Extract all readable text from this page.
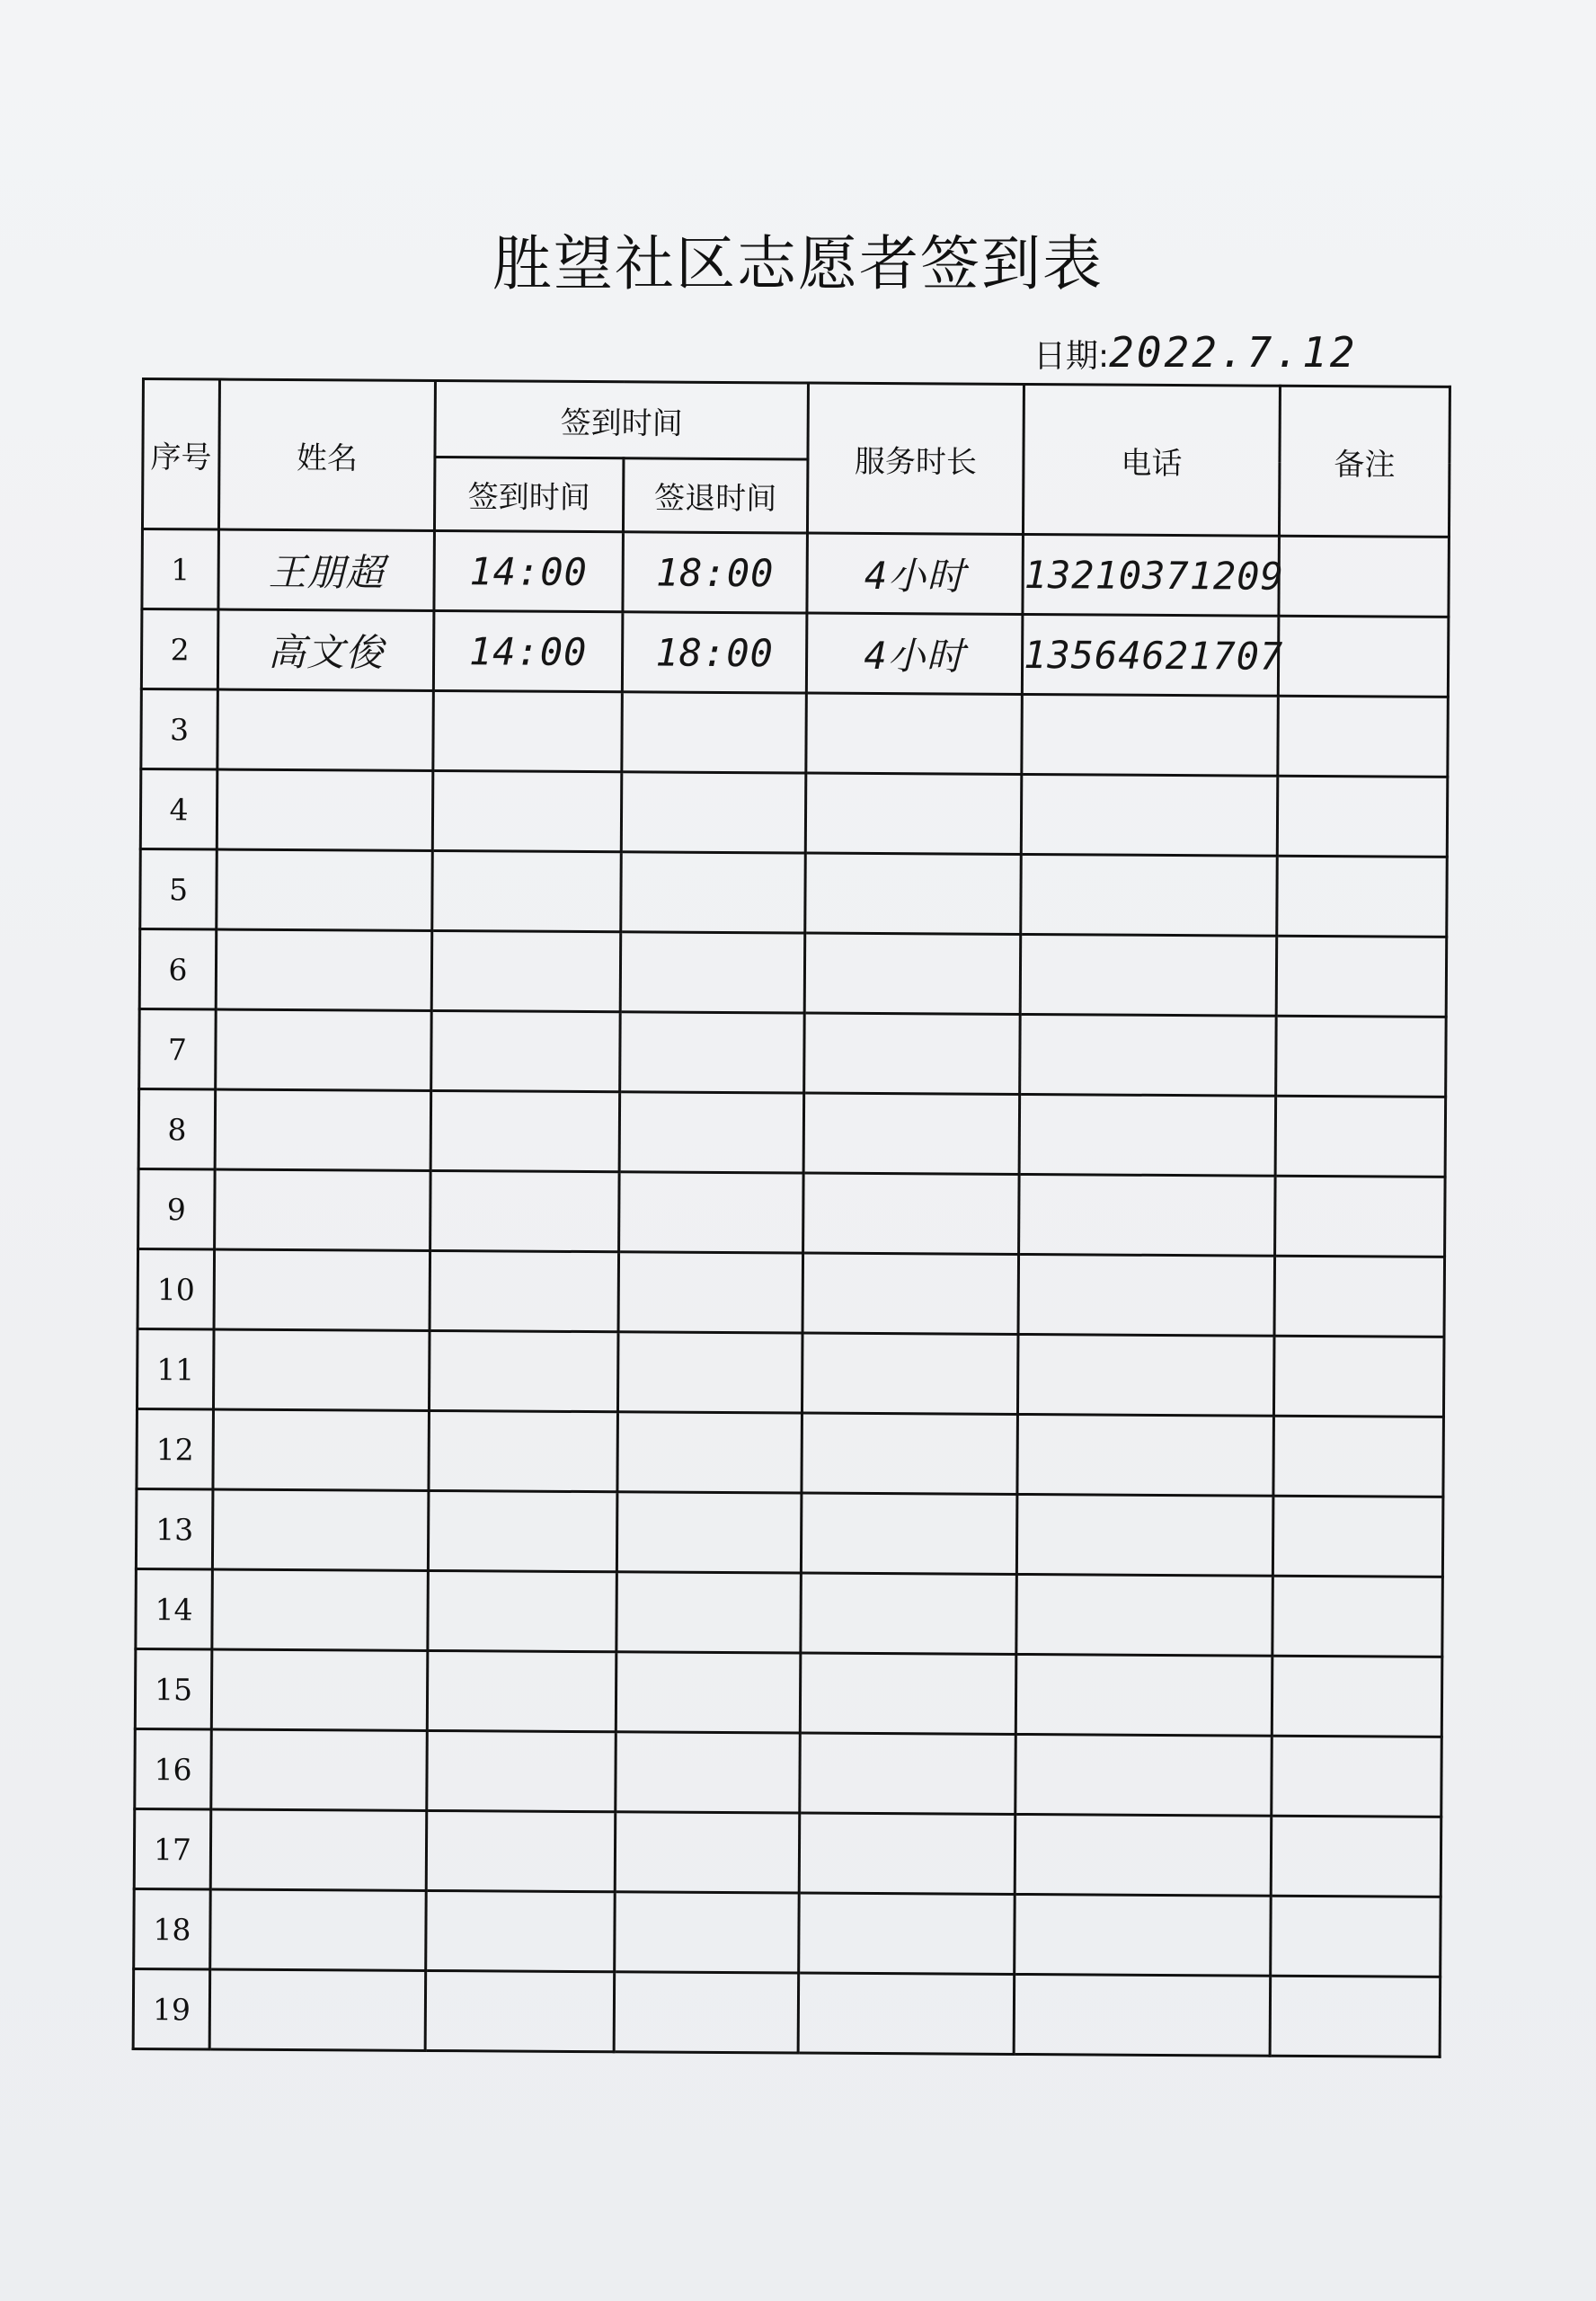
胜望社区志愿者签到表
日期:2022.7.12
序号	姓名	签到时间		服务时长	电话	备注
		签到时间	签退时间			
1	王朋超	14:00	18:00	4小时	13210371209	
2	高文俊	14:00	18:00	4小时	13564621707	
3						
4						
5						
6						
7						
8						
9						
10						
11						
12						
13						
14						
15						
16						
17						
18						
19						
